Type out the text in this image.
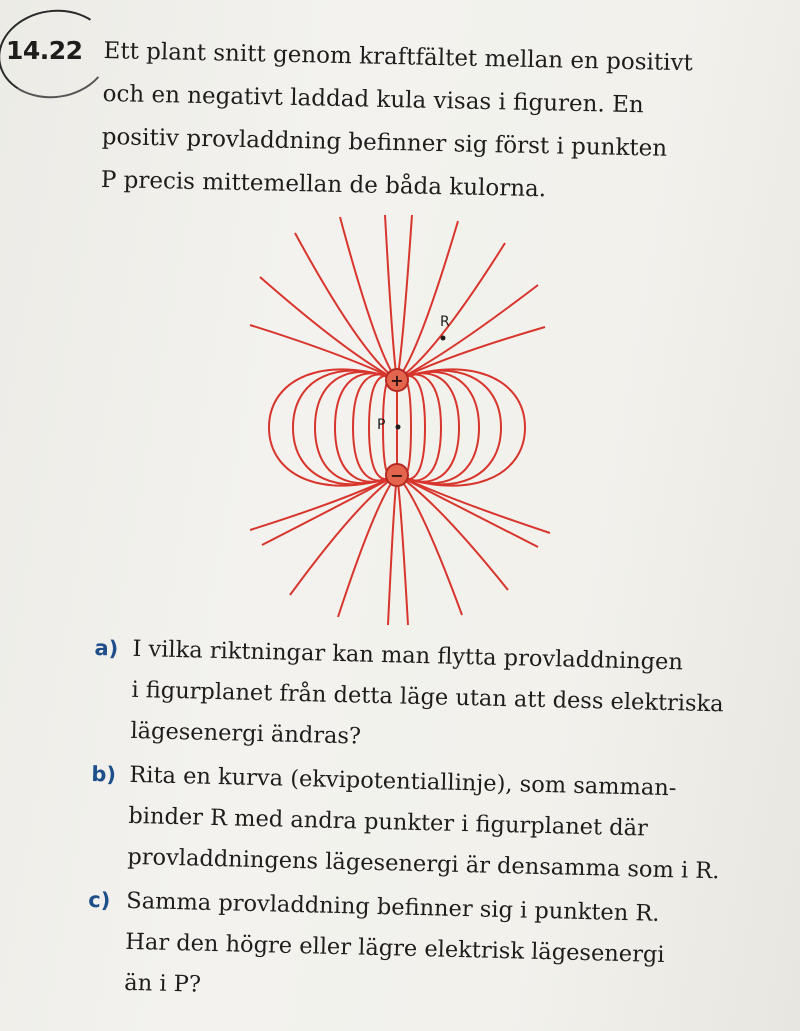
14.22 Ett plant snitt genom kraftfältet mellan en positivt
och en negativt laddad kula visas i figuren. En
positiv provladdning befinner sig först i punkten
P precis mittemellan de båda kulorna.
+
−
P
R
a) I vilka riktningar kan man flytta provladdningen
i figurplanet från detta läge utan att dess elektriska
lägesenergi ändras?
b) Rita en kurva (ekvipotentiallinje), som samman-
binder R med andra punkter i figurplanet där
provladdningens lägesenergi är densamma som i R.
c) Samma provladdning befinner sig i punkten R.
Har den högre eller lägre elektrisk lägesenergi
än i P?
